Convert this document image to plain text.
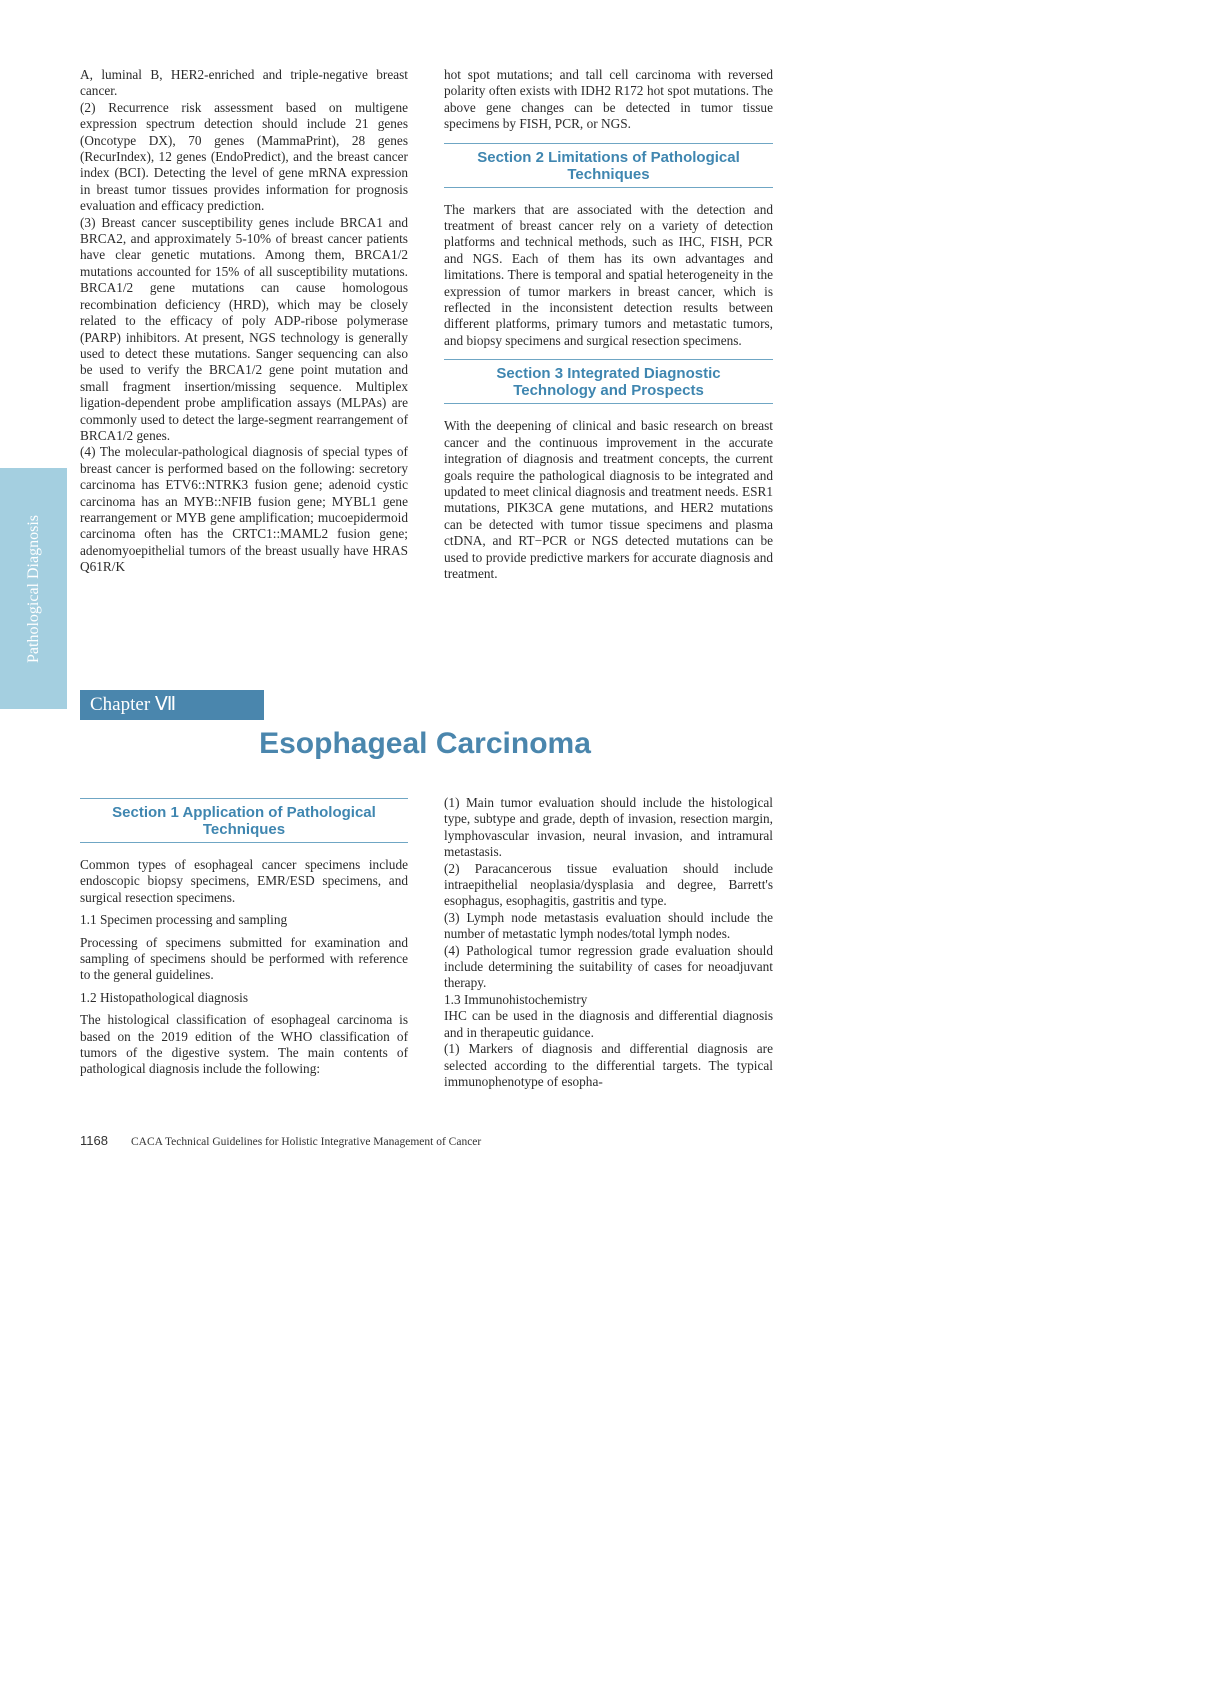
Pathological Diagnosis

A, luminal B, HER2-enriched and triple-negative breast cancer.

(2) Recurrence risk assessment based on multigene expression spectrum detection should include 21 genes (Oncotype DX), 70 genes (MammaPrint), 28 genes (RecurIndex), 12 genes (EndoPredict), and the breast cancer index (BCI). Detecting the level of gene mRNA expression in breast tumor tissues provides information for prognosis evaluation and efficacy prediction.

(3) Breast cancer susceptibility genes include BRCA1 and BRCA2, and approximately 5-10% of breast cancer patients have clear genetic mutations. Among them, BRCA1/2 mutations accounted for 15% of all susceptibility mutations. BRCA1/2 gene mutations can cause homologous recombination deficiency (HRD), which may be closely related to the efficacy of poly ADP-ribose polymerase (PARP) inhibitors. At present, NGS technology is generally used to detect these mutations. Sanger sequencing can also be used to verify the BRCA1/2 gene point mutation and small fragment insertion/missing sequence. Multiplex ligation-dependent probe amplification assays (MLPAs) are commonly used to detect the large-segment rearrangement of BRCA1/2 genes.

(4) The molecular-pathological diagnosis of special types of breast cancer is performed based on the following: secretory carcinoma has ETV6::NTRK3 fusion gene; adenoid cystic carcinoma has an MYB::NFIB fusion gene; MYBL1 gene rearrangement or MYB gene amplification; mucoepidermoid carcinoma often has the CRTC1::MAML2 fusion gene; adenomyoepithelial tumors of the breast usually have HRAS Q61R/K

hot spot mutations; and tall cell carcinoma with reversed polarity often exists with IDH2 R172 hot spot mutations. The above gene changes can be detected in tumor tissue specimens by FISH, PCR, or NGS.

Section 2 Limitations of Pathological Techniques

The markers that are associated with the detection and treatment of breast cancer rely on a variety of detection platforms and technical methods, such as IHC, FISH, PCR and NGS. Each of them has its own advantages and limitations. There is temporal and spatial heterogeneity in the expression of tumor markers in breast cancer, which is reflected in the inconsistent detection results between different platforms, primary tumors and metastatic tumors, and biopsy specimens and surgical resection specimens.

Section 3 Integrated Diagnostic Technology and Prospects

With the deepening of clinical and basic research on breast cancer and the continuous improvement in the accurate integration of diagnosis and treatment concepts, the current goals require the pathological diagnosis to be integrated and updated to meet clinical diagnosis and treatment needs. ESR1 mutations, PIK3CA gene mutations, and HER2 mutations can be detected with tumor tissue specimens and plasma ctDNA, and RT−PCR or NGS detected mutations can be used to provide predictive markers for accurate diagnosis and treatment.

Chapter Ⅶ
Esophageal Carcinoma
Section 1 Application of Pathological Techniques

Common types of esophageal cancer specimens include endoscopic biopsy specimens, EMR/ESD specimens, and surgical resection specimens.

1.1 Specimen processing and sampling

Processing of specimens submitted for examination and sampling of specimens should be performed with reference to the general guidelines.

1.2 Histopathological diagnosis

The histological classification of esophageal carcinoma is based on the 2019 edition of the WHO classification of tumors of the digestive system. The main contents of pathological diagnosis include the following:

(1) Main tumor evaluation should include the histological type, subtype and grade, depth of invasion, resection margin, lymphovascular invasion, neural invasion, and intramural metastasis.

(2) Paracancerous tissue evaluation should include intraepithelial neoplasia/dysplasia and degree, Barrett's esophagus, esophagitis, gastritis and type.

(3) Lymph node metastasis evaluation should include the number of metastatic lymph nodes/total lymph nodes.

(4) Pathological tumor regression grade evaluation should include determining the suitability of cases for neoadjuvant therapy.

1.3 Immunohistochemistry

IHC can be used in the diagnosis and differential diagnosis and in therapeutic guidance.

(1) Markers of diagnosis and differential diagnosis are selected according to the differential targets. The typical immunophenotype of esopha-

1168 CACA Technical Guidelines for Holistic Integrative Management of Cancer
